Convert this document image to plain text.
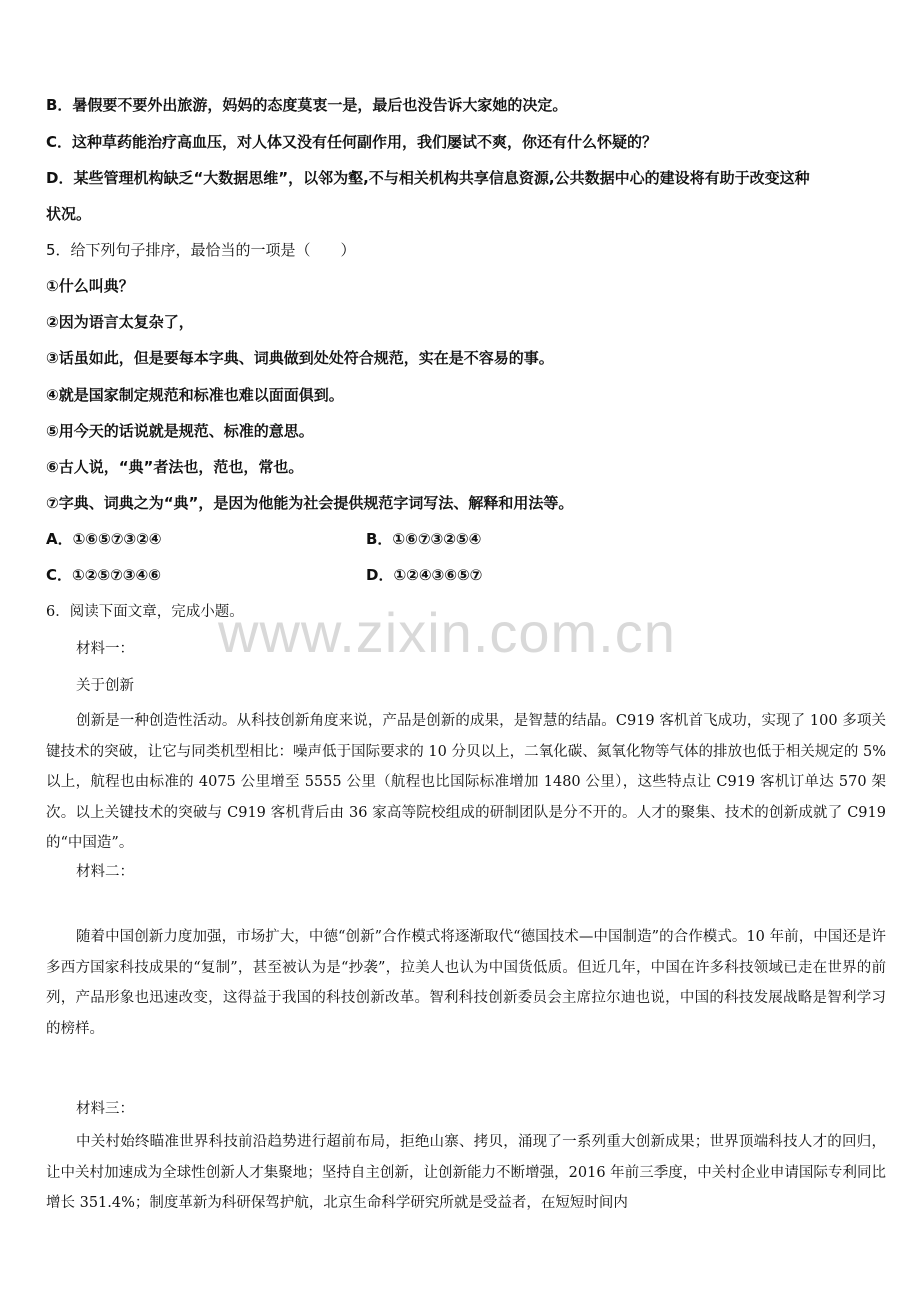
www.zixin.com.cn
B．暑假要不要外出旅游，妈妈的态度莫衷一是，最后也没告诉大家她的决定。
C．这种草药能治疗高血压，对人体又没有任何副作用，我们屡试不爽，你还有什么怀疑的？
D．某些管理机构缺乏“大数据思维”，以邻为壑,不与相关机构共享信息资源,公共数据中心的建设将有助于改变这种
状况。
5．给下列句子排序，最恰当的一项是（　　）
①什么叫典？
②因为语言太复杂了，
③话虽如此，但是要每本字典、词典做到处处符合规范，实在是不容易的事。
④就是国家制定规范和标准也难以面面俱到。
⑤用今天的话说就是规范、标准的意思。
⑥古人说，“典”者法也，范也，常也。
⑦字典、词典之为“典”，是因为他能为社会提供规范字词写法、解释和用法等。
A．①⑥⑤⑦③②④	B．①⑥⑦③②⑤④
C．①②⑤⑦③④⑥	D．①②④③⑥⑤⑦
6．阅读下面文章，完成小题。
材料一：
关于创新
创新是一种创造性活动。从科技创新角度来说，产品是创新的成果，是智慧的结晶。C919 客机首飞成功，实现了 100 多项关键技术的突破，让它与同类机型相比：噪声低于国际要求的 10 分贝以上，二氧化碳、氮氧化物等气体的排放也低于相关规定的 5%以上，航程也由标准的 4075 公里增至 5555 公里（航程也比国际标准增加 1480 公里），这些特点让 C919 客机订单达 570 架次。以上关键技术的突破与 C919 客机背后由 36 家高等院校组成的研制团队是分不开的。人才的聚集、技术的创新成就了 C919 的“中国造”。
材料二：
随着中国创新力度加强，市场扩大，中德“创新”合作模式将逐渐取代“德国技术—中国制造”的合作模式。10 年前，中国还是许多西方国家科技成果的“复制”，甚至被认为是“抄袭”，拉美人也认为中国货低质。但近几年，中国在许多科技领域已走在世界的前列，产品形象也迅速改变，这得益于我国的科技创新改革。智利科技创新委员会主席拉尔迪也说，中国的科技发展战略是智利学习的榜样。
材料三：
中关村始终瞄准世界科技前沿趋势进行超前布局，拒绝山寨、拷贝，涌现了一系列重大创新成果；世界顶端科技人才的回归，让中关村加速成为全球性创新人才集聚地；坚持自主创新，让创新能力不断增强，2016 年前三季度，中关村企业申请国际专利同比增长 351.4%；制度革新为科研保驾护航，北京生命科学研究所就是受益者，在短短时间内
